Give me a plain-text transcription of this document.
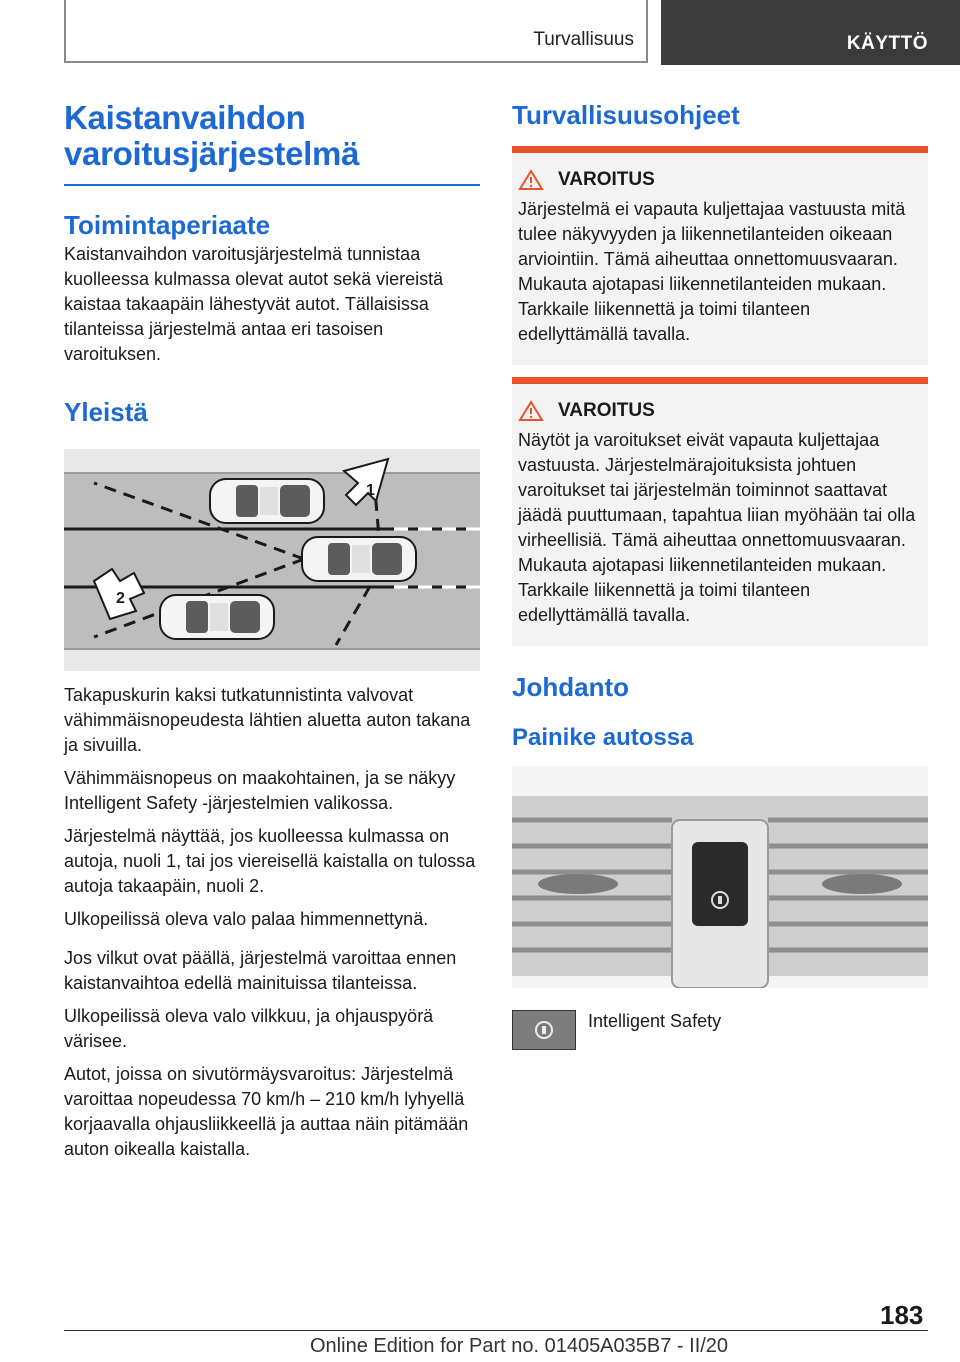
Turvallisuus	KÄYTTÖ
Kaistanvaihdon
varoitusjärjestelmä
Toimintaperiaate

Kaistanvaihdon varoitusjärjestelmä tunnistaa kuolleessa kulmassa olevat autot sekä viereistä kaistaa takaapäin lähestyvät autot. Tällaisissa tilanteissa järjestelmä antaa eri tasoisen varoituksen.

Yleistä
1
2

Takapuskurin kaksi tutkatunnistinta valvovat vähimmäisnopeudesta lähtien aluetta auton takana ja sivuilla.

Vähimmäisnopeus on maakohtainen, ja se näkyy Intelligent Safety -järjestelmien valikossa.

Järjestelmä näyttää, jos kuolleessa kulmassa on autoja, nuoli 1, tai jos viereisellä kaistalla on tulossa autoja takaapäin, nuoli 2.

Ulkopeilissä oleva valo palaa himmennettynä.

Jos vilkut ovat päällä, järjestelmä varoittaa ennen kaistanvaihtoa edellä mainituissa tilanteissa.

Ulkopeilissä oleva valo vilkkuu, ja ohjauspyörä värisee.

Autot, joissa on sivutörmäysvaroitus: Järjestelmä varoittaa nopeudessa 70 km/h – 210 km/h lyhyellä korjaavalla ohjausliikkeellä ja auttaa näin pitämään auton oikealla kaistalla.

Turvallisuusohjeet
VAROITUS

Järjestelmä ei vapauta kuljettajaa vastuusta mitä tulee näkyvyyden ja liikennetilanteiden oikeaan arviointiin. Tämä aiheuttaa onnettomuusvaaran. Mukauta ajotapasi liikennetilanteiden mukaan. Tarkkaile liikennettä ja toimi tilanteen edellyttämällä tavalla.

VAROITUS

Näytöt ja varoitukset eivät vapauta kuljettajaa vastuusta. Järjestelmärajoituksista johtuen varoitukset tai järjestelmän toiminnot saattavat jäädä puuttumaan, tapahtua liian myöhään tai olla virheellisiä. Tämä aiheuttaa onnettomuusvaaran. Mukauta ajotapasi liikennetilanteiden mukaan. Tarkkaile liikennettä ja toimi tilanteen edellyttämällä tavalla.

Johdanto
Painike autossa
Intelligent Safety
183
Online Edition for Part no. 01405A035B7 - II/20
